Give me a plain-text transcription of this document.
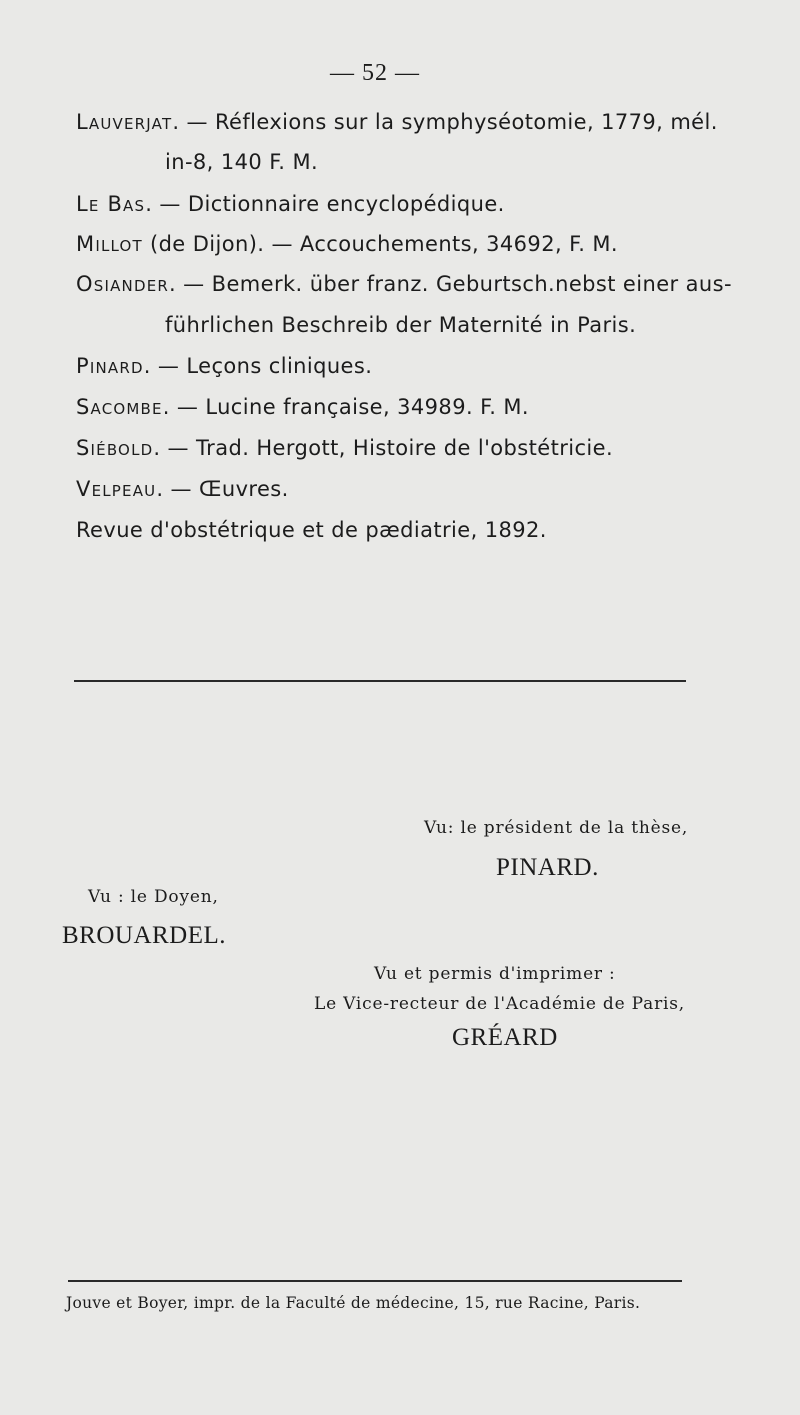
— 52 —
Lauverjat. — Réflexions sur la symphyséotomie, 1779, mél.
in-8, 140 F. M.
Le Bas. — Dictionnaire encyclopédique.
Millot (de Dijon). — Accouchements, 34692, F. M.
Osiander. — Bemerk. über franz. Geburtsch.nebst einer aus-
führlichen Beschreib der Maternité in Paris.
Pinard. — Leçons cliniques.
Sacombe. — Lucine française, 34989. F. M.
Siébold. — Trad. Hergott, Histoire de l'obstétricie.
Velpeau. — Œuvres.
Revue d'obstétrique et de pædiatrie, 1892.
Vu: le président de la thèse,
PINARD.
Vu : le Doyen,
BROUARDEL.
Vu et permis d'imprimer :
Le Vice-recteur de l'Académie de Paris,
GRÉARD
Jouve et Boyer, impr. de la Faculté de médecine, 15, rue Racine, Paris.
